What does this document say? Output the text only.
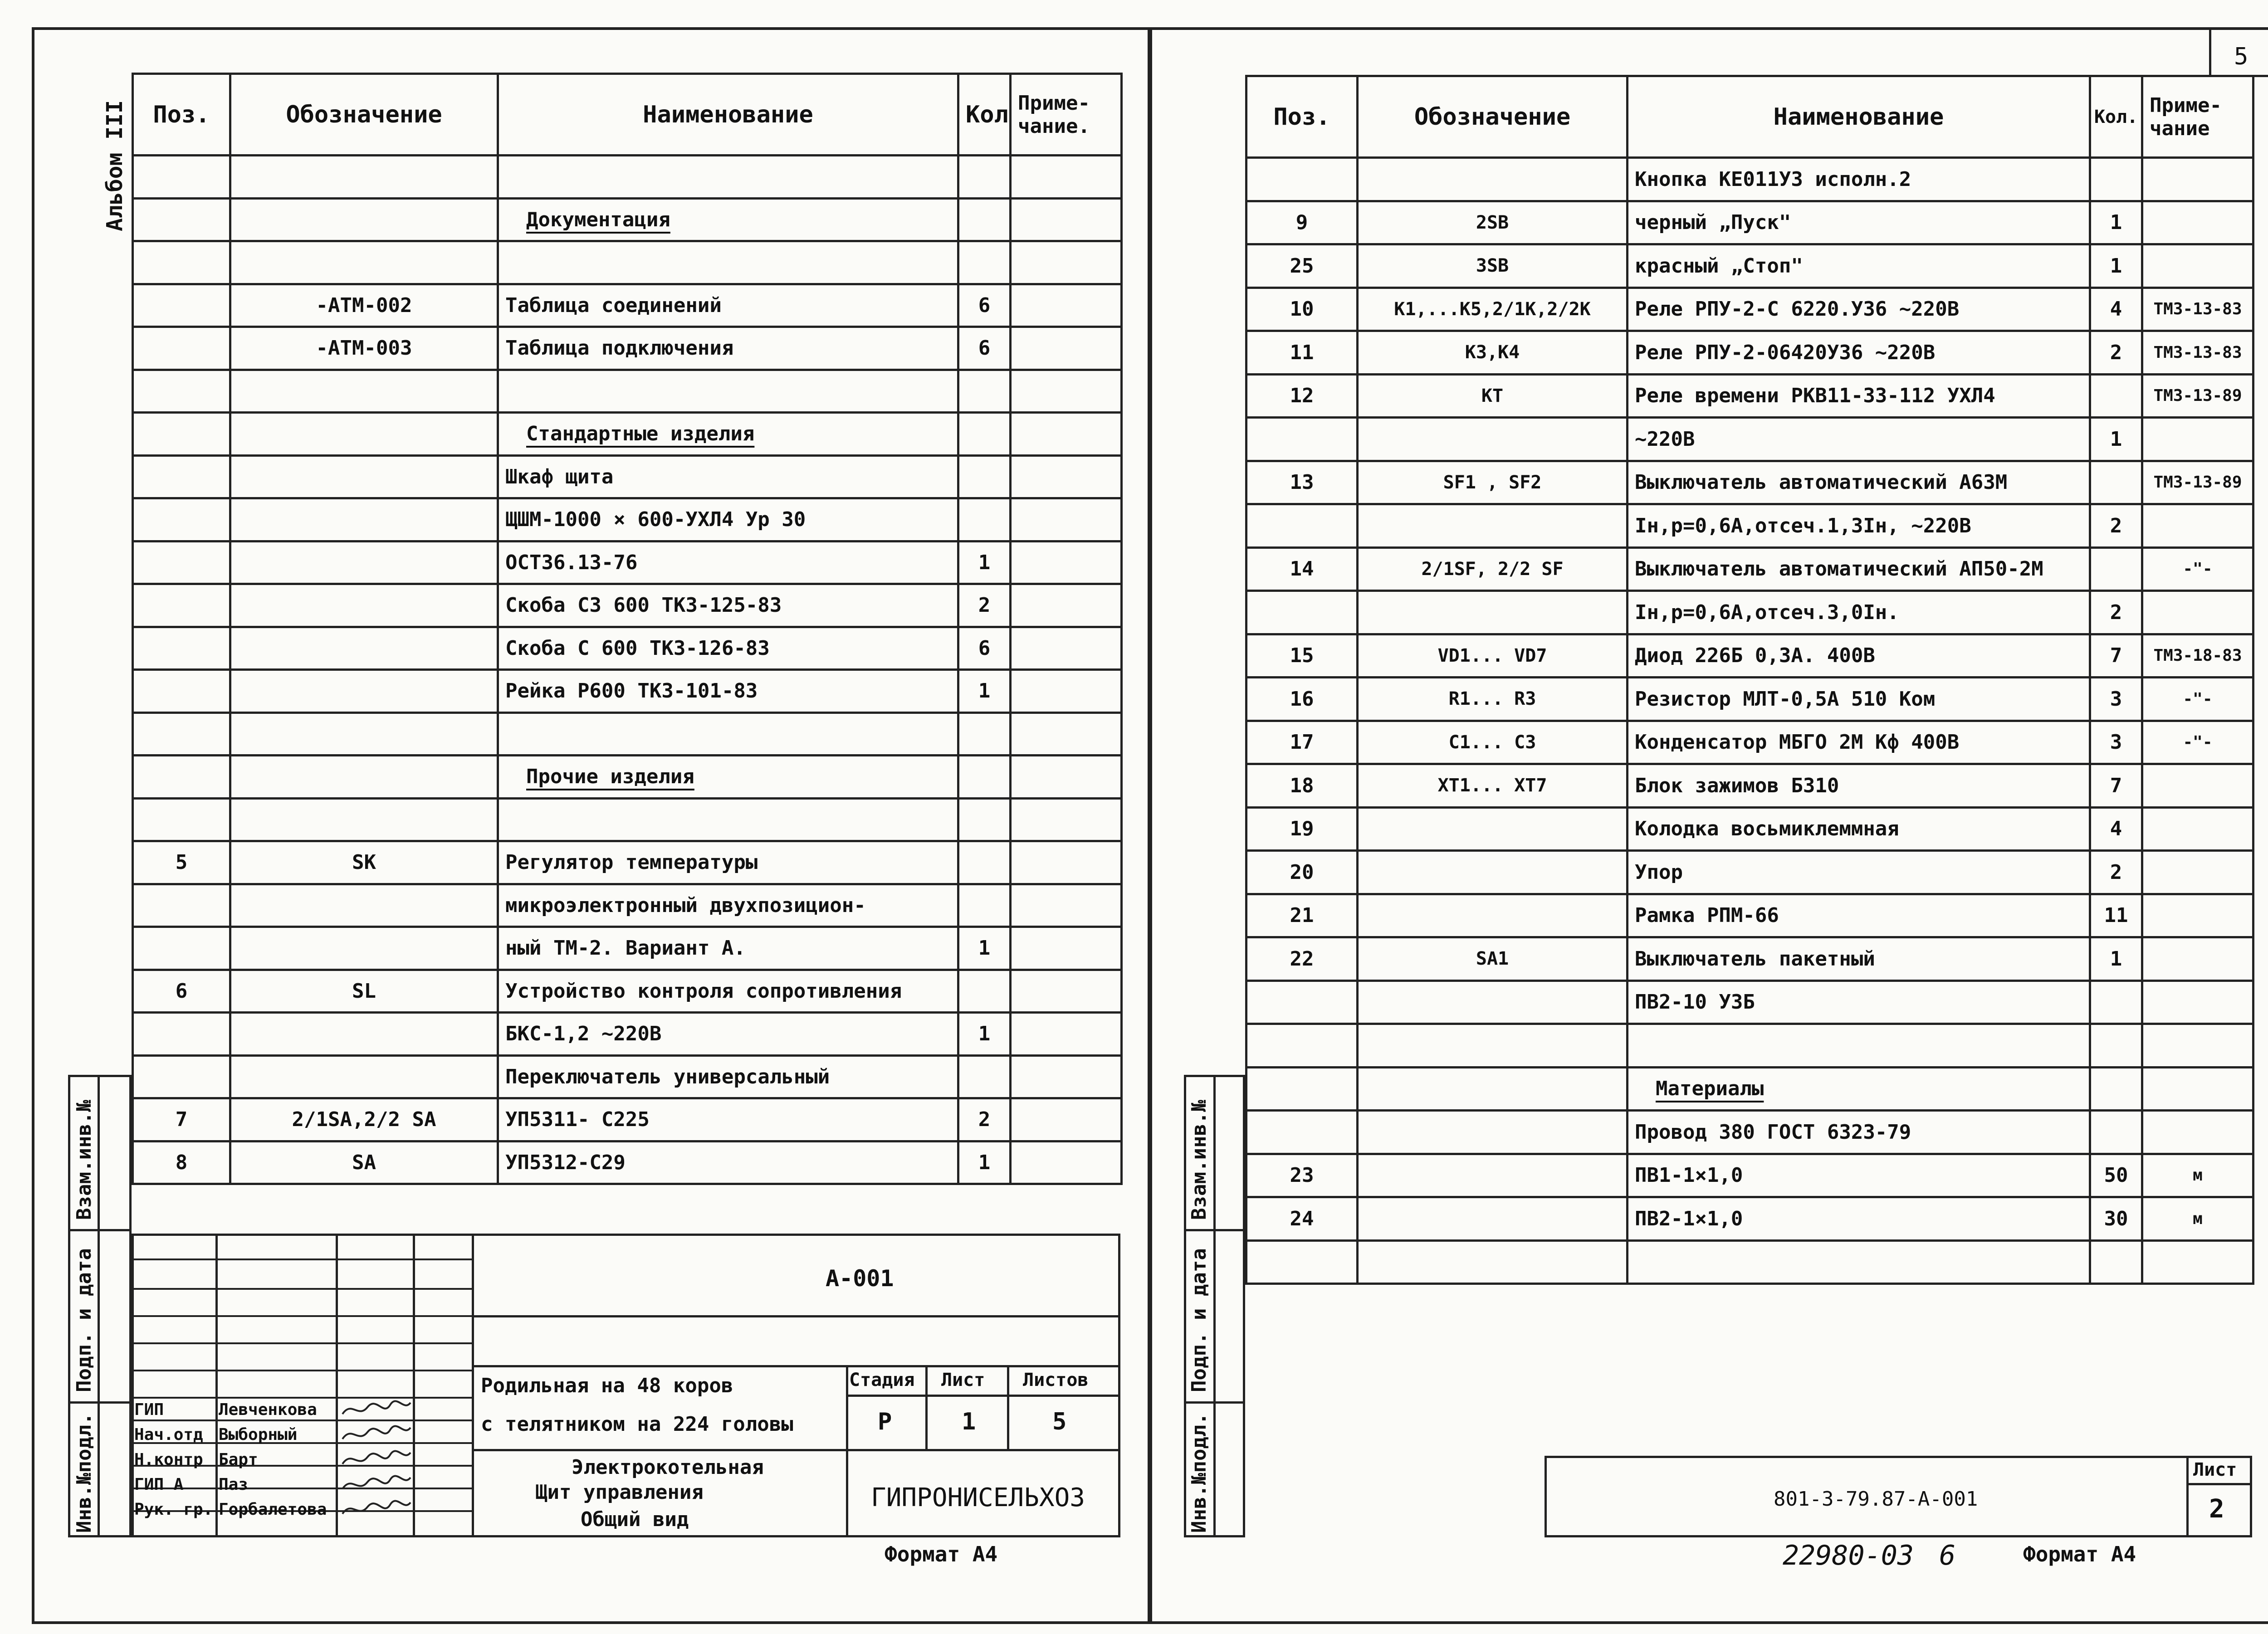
Альбом III Поз.	Обозначение	Наименование	Кол	Приме-
чание.

		Документация		

	-АТМ-002	Таблица соединений	6	
	-АТМ-003	Таблица подключения	6	

		Стандартные изделия		
		Шкаф щита		
		ЩШМ-1000 × 600-УХЛ4 Ур 30		
		ОСТ36.13-76	1	
		Скоба С3 600 ТК3-125-83	2	
		Скоба С 600 ТК3-126-83	6	
		Рейка Р600 ТК3-101-83	1	

		Прочие изделия		

5	SK	Регулятор температуры		
		микроэлектронный двухпозицион-		
		ный ТМ-2. Вариант А.	1	
6	SL	Устройство контроля сопротивления		
		БКС-1,2 ~220В	1	
		Переключатель универсальный		
7	2/1SA,2/2 SA	УП5311- С225	2	
8	SA	УП5312-С29	1	
Взам.инв.№
Подп. и дата
Инв.№подл.
ГИП	Левченкова
Нач.отд Выборный
Н.контр Барт
ГИП А Паз
Рук. гр. Горбалетова
А-001
Родильная на 48 коров
с телятником на 224 головы
Стадия Лист Листов
Р	1	5
Электрокотельная
Щит управления
Общий вид
ГИПРОНИСЕЛЬХОЗ
Формат А4
5
Поз.	Обозначение	Наименование	Кол.	Приме-
чание
		Кнопка КЕ011У3 исполн.2		
9	2SB	черный „Пуск"	1	
25	3SB	красный „Стоп"	1	
10	К1,...К5,2/1К,2/2К	Реле РПУ-2-С 6220.У36 ~220В	4	ТМ3-13-83
11	К3,К4	Реле РПУ-2-06420У36 ~220В	2	ТМ3-13-83
12	КТ	Реле времени РКВ11-33-112 УХЛ4		ТМ3-13-89
		~220В	1	
13	SF1 , SF2	Выключатель автоматический А63М		ТМ3-13-89
		Iн,р=0,6А,отсеч.1,3Iн, ~220В	2	
14	2/1SF, 2/2 SF	Выключатель автоматический АП50-2М		-"-
		Iн,р=0,6А,отсеч.3,0Iн.	2	
15	VD1... VD7	Диод 226Б 0,3А. 400В	7	ТМ3-18-83
16	R1... R3	Резистор МЛТ-0,5А 510 Ком	3	-"-
17	С1... С3	Конденсатор МБГО 2М Кф 400В	3	-"-
18	ХТ1... ХТ7	Блок зажимов Б310	7	
19		Колодка восьмиклеммная	4	
20		Упор	2	
21		Рамка РПМ-66	11	
22	SA1	Выключатель пакетный	1	
		ПВ2-10 У3Б		

		Материалы		
		Провод 380 ГОСТ 6323-79		
23		ПВ1-1×1,0	50	м
24		ПВ2-1×1,0	30	м

Взам.инв.№
Подп. и дата
Инв.№подл.	801-3-79.87-А-001
Лист
2
22980-03 6	Формат А4
